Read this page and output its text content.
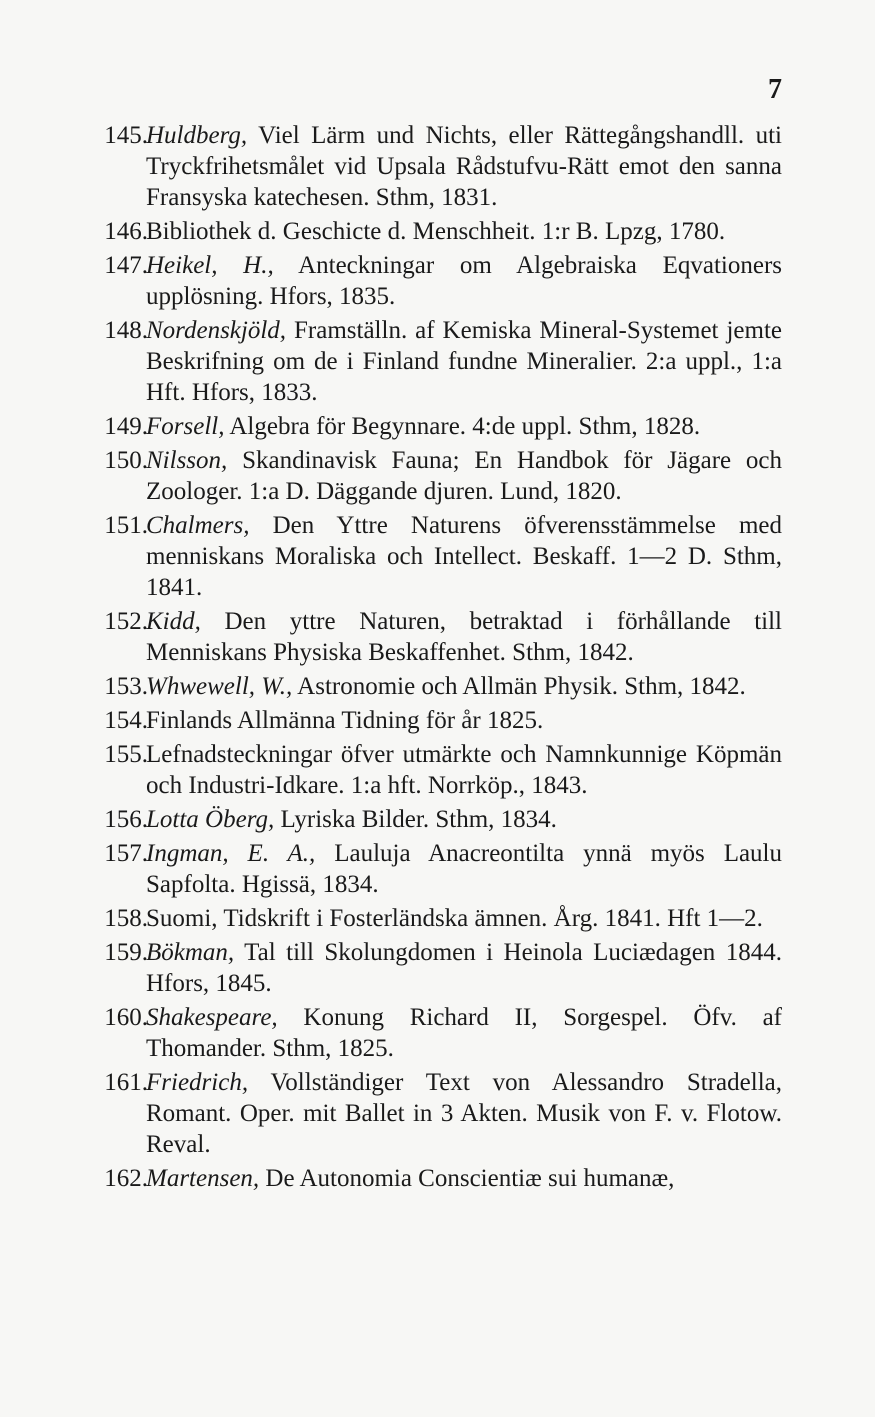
7
145.
Huldberg, Viel Lärm und Nichts, eller Rättegångshandll. uti Tryckfrihetsmålet vid Upsala Rådstufvu-Rätt emot den sanna Fransyska katechesen. Sthm, 1831.
146.
Bibliothek d. Geschicte d. Menschheit. 1:r B. Lpzg, 1780.
147.
Heikel, H., Anteckningar om Algebraiska Eqvationers upplösning. Hfors, 1835.
148.
Nordenskjöld, Framställn. af Kemiska Mineral-Systemet jemte Beskrifning om de i Finland fundne Mineralier. 2:a uppl., 1:a Hft. Hfors, 1833.
149.
Forsell, Algebra för Begynnare. 4:de uppl. Sthm, 1828.
150.
Nilsson, Skandinavisk Fauna; En Handbok för Jägare och Zoologer. 1:a D. Däggande djuren. Lund, 1820.
151.
Chalmers, Den Yttre Naturens öfverensstämmelse med menniskans Moraliska och Intellect. Beskaff. 1—2 D. Sthm, 1841.
152.
Kidd, Den yttre Naturen, betraktad i förhållande till Menniskans Physiska Beskaffenhet. Sthm, 1842.
153.
Whwewell, W., Astronomie och Allmän Physik. Sthm, 1842.
154.
Finlands Allmänna Tidning för år 1825.
155.
Lefnadsteckningar öfver utmärkte och Namnkunnige Köpmän och Industri-Idkare. 1:a hft. Norrköp., 1843.
156.
Lotta Öberg, Lyriska Bilder. Sthm, 1834.
157.
Ingman, E. A., Lauluja Anacreontilta ynnä myös Laulu Sapfolta. Hgissä, 1834.
158.
Suomi, Tidskrift i Fosterländska ämnen. Årg. 1841. Hft 1—2.
159.
Bökman, Tal till Skolungdomen i Heinola Luciædagen 1844. Hfors, 1845.
160.
Shakespeare, Konung Richard II, Sorgespel. Öfv. af Thomander. Sthm, 1825.
161.
Friedrich, Vollständiger Text von Alessandro Stradella, Romant. Oper. mit Ballet in 3 Akten. Musik von F. v. Flotow. Reval.
162.
Martensen, De Autonomia Conscientiæ sui humanæ,
